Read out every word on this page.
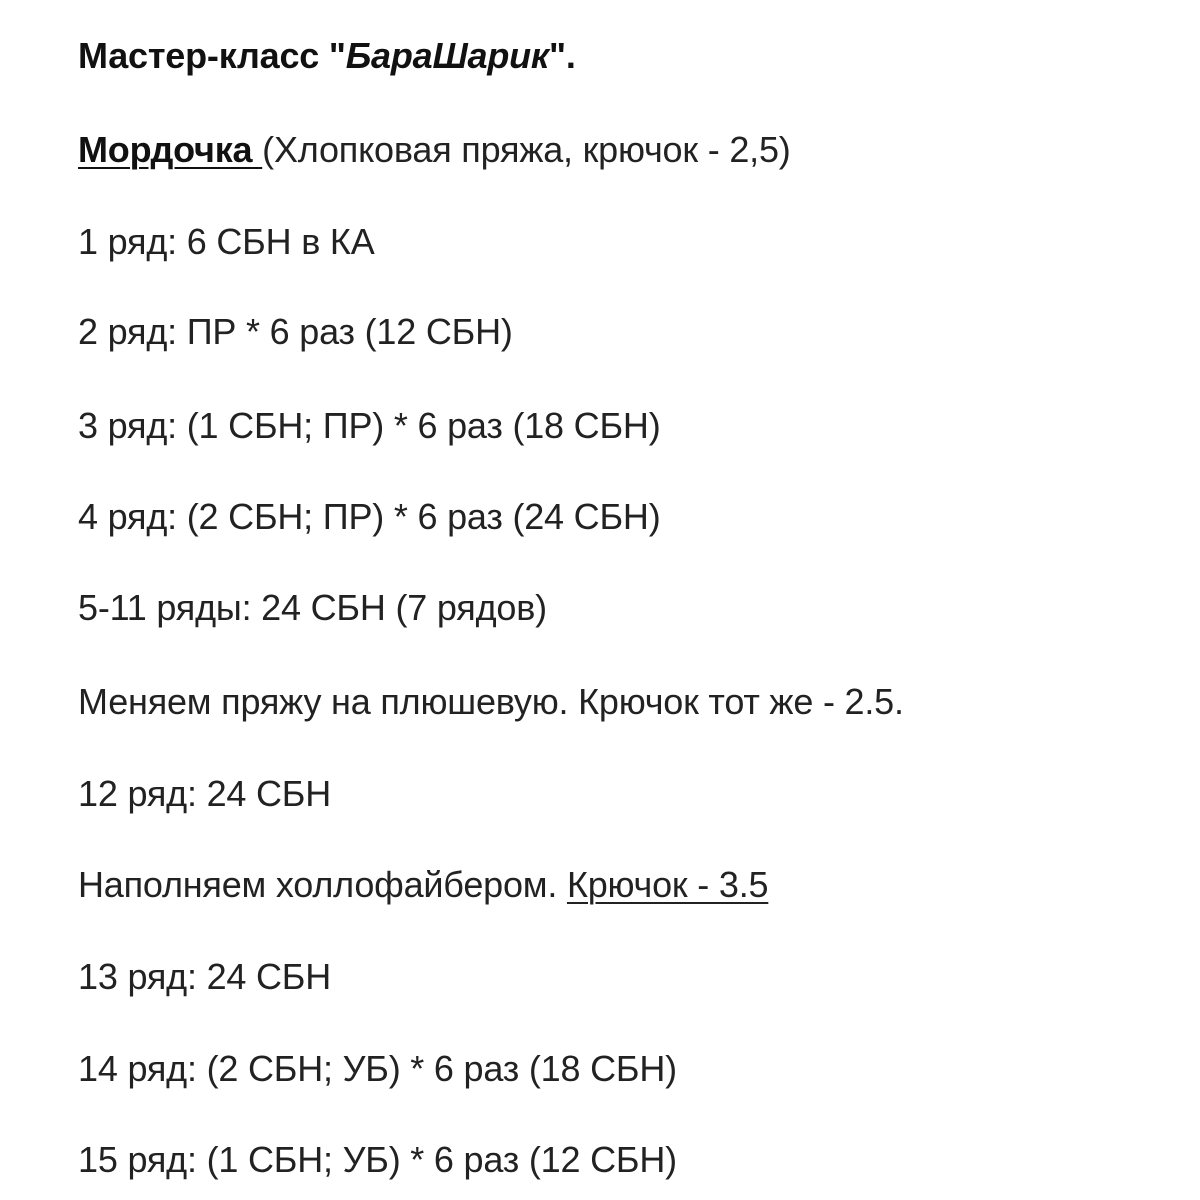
Мастер-класс "БараШарик".
Мордочка (Хлопковая пряжа, крючок - 2,5)
1 ряд: 6 СБН в КА
2 ряд: ПР * 6 раз (12 СБН)
3 ряд: (1 СБН; ПР) * 6 раз (18 СБН)
4 ряд: (2 СБН; ПР) * 6 раз (24 СБН)
5-11 ряды: 24 СБН (7 рядов)
Меняем пряжу на плюшевую. Крючок тот же - 2.5.
12 ряд: 24 СБН
Наполняем холлофайбером. Крючок - 3.5
13 ряд: 24 СБН
14 ряд: (2 СБН; УБ) * 6 раз (18 СБН)
15 ряд: (1 СБН; УБ) * 6 раз (12 СБН)
